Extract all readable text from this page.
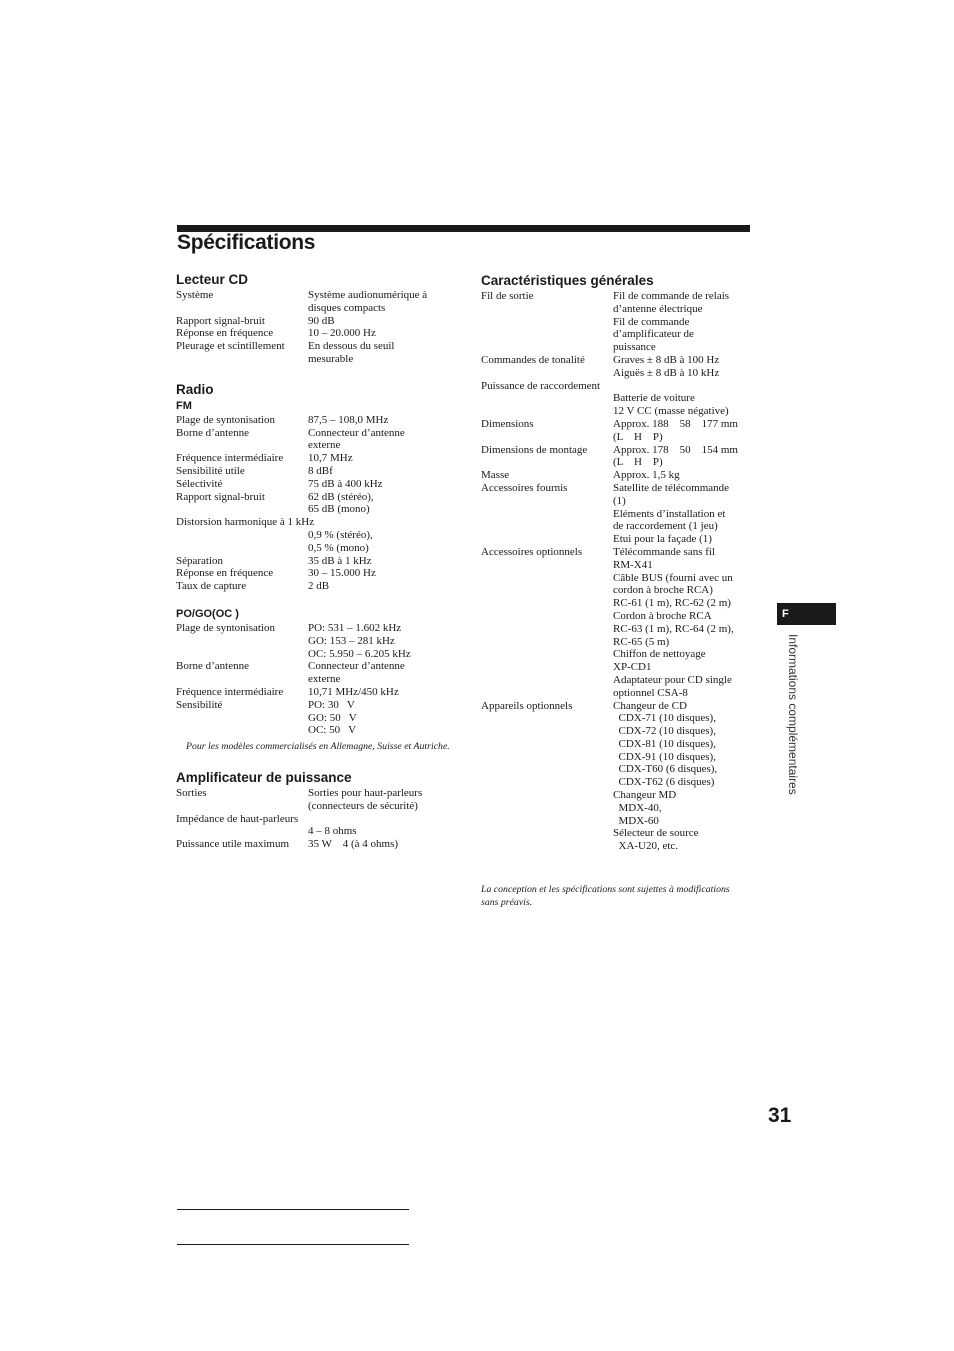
Spécifications
Lecteur CD
Système	Système audionumérique à
disques compacts
Rapport signal-bruit	90 dB
Réponse en fréquence	10 – 20.000 Hz
Pleurage et scintillement	En dessous du seuil
mesurable
Radio
FM
Plage de syntonisation	87,5 – 108,0 MHz
Borne d’antenne	Connecteur d’antenne
externe
Fréquence intermédiaire	10,7 MHz
Sensibilité utile	8 dBf
Sélectivité	75 dB à 400 kHz
Rapport signal-bruit	62 dB (stéréo),
65 dB (mono)
Distorsion harmonique à 1 kHz
0,9 % (stéréo),
0,5 % (mono)
Séparation	35 dB à 1 kHz
Réponse en fréquence	30 – 15.000 Hz
Taux de capture	2 dB
PO/GO(OC )
Plage de syntonisation	PO: 531 – 1.602 kHz
GO: 153 – 281 kHz
OC: 5.950 – 6.205 kHz
Borne d’antenne	Connecteur d’antenne
externe
Fréquence intermédiaire	10,71 MHz/450 kHz
Sensibilité	PO: 30   V
GO: 50   V
OC: 50   V
Pour les modèles commercialisés en Allemagne, Suisse et Autriche.
Amplificateur de puissance
Sorties	Sorties pour haut-parleurs
(connecteurs de sécurité)
Impédance de haut-parleurs
4 – 8 ohms
Puissance utile maximum	35 W    4 (à 4 ohms)
Caractéristiques générales
Fil de sortie	Fil de commande de relais
d’antenne électrique
Fil de commande
d’amplificateur de
puissance
Commandes de tonalité	Graves ± 8 dB à 100 Hz
Aiguës ± 8 dB à 10 kHz
Puissance de raccordement
Batterie de voiture
12 V CC (masse négative)
Dimensions	Approx. 188    58    177 mm
(L    H    P)
Dimensions de montage	Approx. 178    50    154 mm
(L    H    P)
Masse	Approx. 1,5 kg
Accessoires fournis	Satellite de télécommande
(1)
Eléments d’installation et
de raccordement (1 jeu)
Etui pour la façade (1)
Accessoires optionnels	Télécommande sans fil
RM-X41
Câble BUS (fourni avec un
cordon à broche RCA)
RC-61 (1 m), RC-62 (2 m)
Cordon à broche RCA
RC-63 (1 m), RC-64 (2 m),
RC-65 (5 m)
Chiffon de nettoyage
XP-CD1
Adaptateur pour CD single
optionnel CSA-8
Appareils optionnels	Changeur de CD
CDX-71 (10 disques),
CDX-72 (10 disques),
CDX-81 (10 disques),
CDX-91 (10 disques),
CDX-T60 (6 disques),
CDX-T62 (6 disques)
Changeur MD
MDX-40,
MDX-60
Sélecteur de source
XA-U20, etc.
La conception et les spécifications sont sujettes à modifications sans préavis.
F
Informations complémentaires
31
